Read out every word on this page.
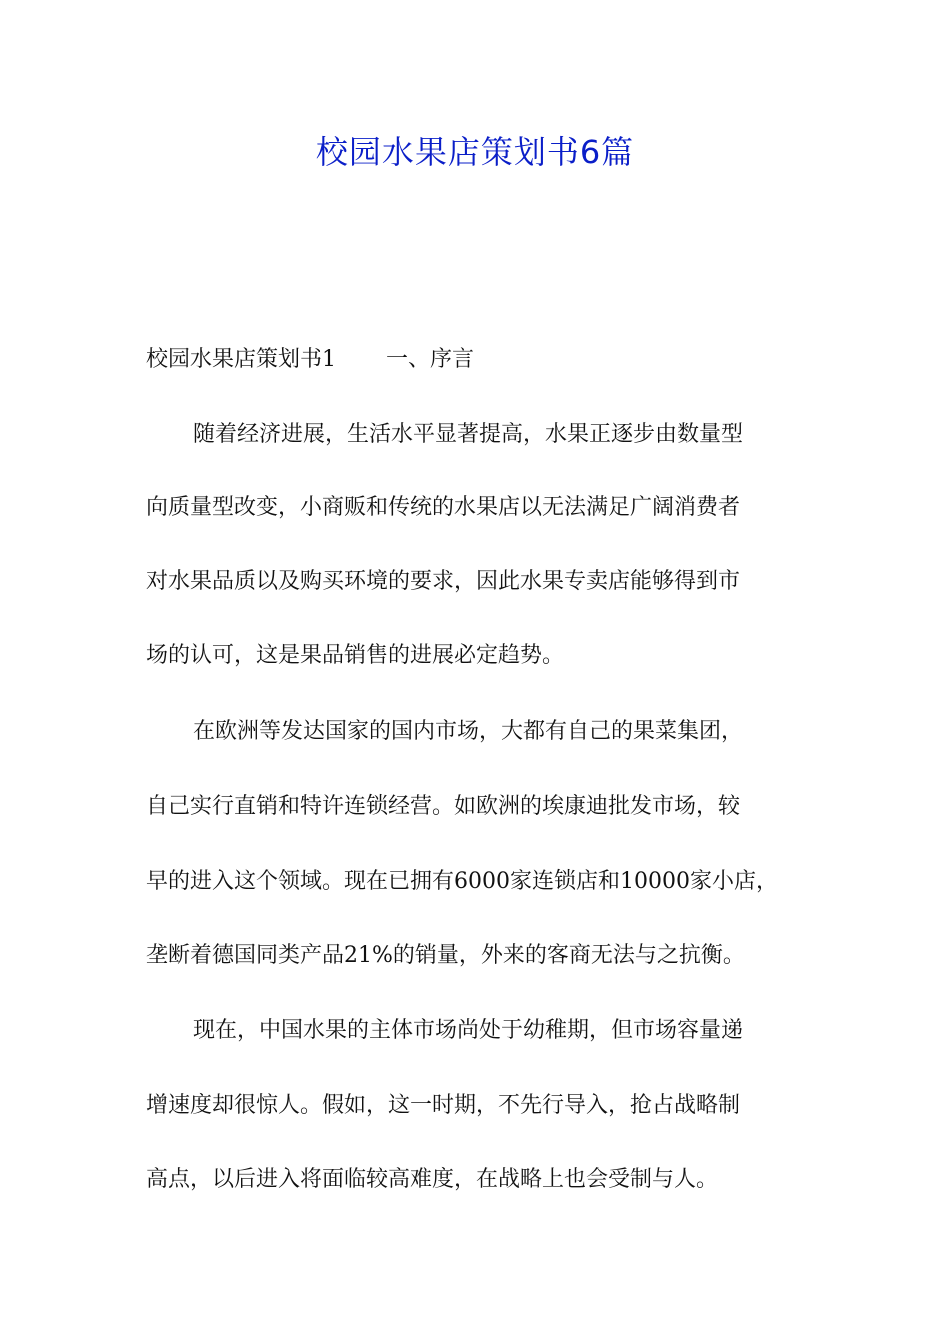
校园水果店策划书6篇
校园水果店策划书1 一、序言
随着经济进展，生活水平显著提高，水果正逐步由数量型
向质量型改变，小商贩和传统的水果店以无法满足广阔消费者
对水果品质以及购买环境的要求，因此水果专卖店能够得到市
场的认可，这是果品销售的进展必定趋势。
在欧洲等发达国家的国内市场，大都有自己的果菜集团，
自己实行直销和特许连锁经营。如欧洲的埃康迪批发市场，较
早的进入这个领域。现在已拥有6000家连锁店和10000家小店，
垄断着德国同类产品21%的销量，外来的客商无法与之抗衡。
现在，中国水果的主体市场尚处于幼稚期，但市场容量递
增速度却很惊人。假如，这一时期，不先行导入，抢占战略制
高点，以后进入将面临较高难度，在战略上也会受制与人。
